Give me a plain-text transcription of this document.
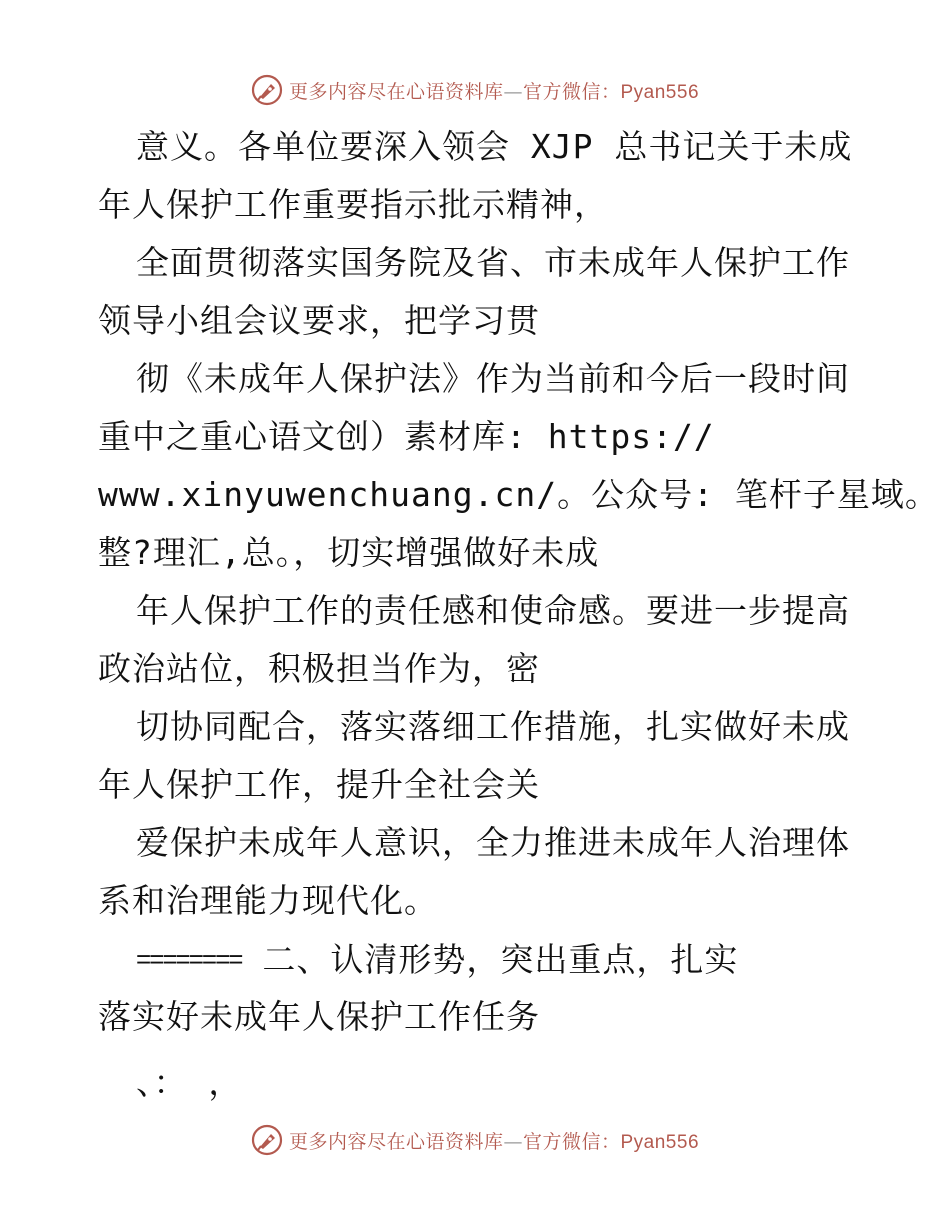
更多内容尽在心语资料库—官方微信：Pyan556
意义。各单位要深入领会 XJP 总书记关于未成
年人保护工作重要指示批示精神，
全面贯彻落实国务院及省、市未成年人保护工作
领导小组会议要求，把学习贯
彻《未成年人保护法》作为当前和今后一段时间
重中之重心语文创）素材库: https://
www.xinyuwenchuang.cn/。公众号: 笔杆子星域。
整?理汇,总。，切实增强做好未成
年人保护工作的责任感和使命感。要进一步提高
政治站位，积极担当作为，密
切协同配合，落实落细工作措施，扎实做好未成
年人保护工作，提升全社会关
爱保护未成年人意识，全力推进未成年人治理体
系和治理能力现代化。
======== 二、认清形势，突出重点，扎实
落实好未成年人保护工作任务
、： ，
更多内容尽在心语资料库—官方微信：Pyan556
